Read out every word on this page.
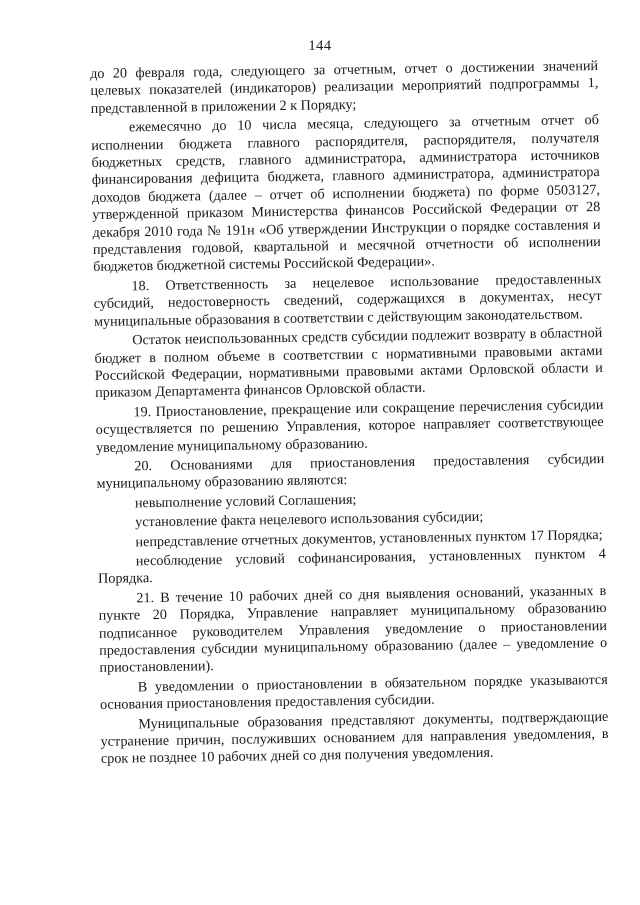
144

до 20 февраля года, следующего за отчетным, отчет о достижении значений целевых показателей (индикаторов) реализации мероприятий подпрограммы 1, представленной в приложении 2 к Порядку;

ежемесячно до 10 числа месяца, следующего за отчетным отчет об исполнении бюджета главного распорядителя, распорядителя, получателя бюджетных средств, главного администратора, администратора источников финансирования дефицита бюджета, главного администратора, администратора доходов бюджета (далее – отчет об исполнении бюджета) по форме 0503127, утвержденной приказом Министерства финансов Российской Федерации от 28 декабря 2010 года № 191н «Об утверждении Инструкции о порядке составления и представления годовой, квартальной и месячной отчетности об исполнении бюджетов бюджетной системы Российской Федерации».

18. Ответственность за нецелевое использование предоставленных субсидий, недостоверность сведений, содержащихся в документах, несут муниципальные образования в соответствии с действующим законодательством.

Остаток неиспользованных средств субсидии подлежит возврату в областной бюджет в полном объеме в соответствии с нормативными правовыми актами Российской Федерации, нормативными правовыми актами Орловской области и приказом Департамента финансов Орловской области.

19. Приостановление, прекращение или сокращение перечисления субсидии осуществляется по решению Управления, которое направляет соответствующее уведомление муниципальному образованию.

20. Основаниями для приостановления предоставления субсидии муниципальному образованию являются:

невыполнение условий Соглашения;

установление факта нецелевого использования субсидии;

непредставление отчетных документов, установленных пунктом 17 Порядка;

несоблюдение условий софинансирования, установленных пунктом 4 Порядка.

21. В течение 10 рабочих дней со дня выявления оснований, указанных в пункте 20 Порядка, Управление направляет муниципальному образованию подписанное руководителем Управления уведомление о приостановлении предоставления субсидии муниципальному образованию (далее – уведомление о приостановлении).

В уведомлении о приостановлении в обязательном порядке указываются основания приостановления предоставления субсидии.

Муниципальные образования представляют документы, подтверждающие устранение причин, послуживших основанием для направления уведомления, в срок не позднее 10 рабочих дней со дня получения уведомления.
